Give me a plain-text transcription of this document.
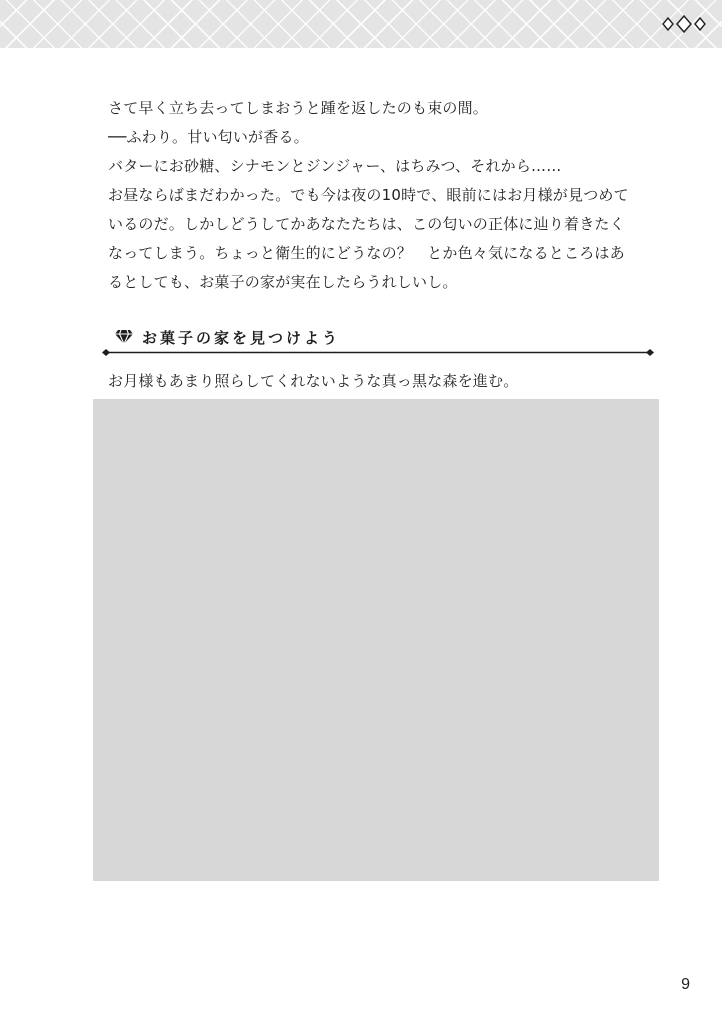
さて早く立ち去ってしまおうと踵を返したのも束の間。

──ふわり。甘い匂いが香る。

バターにお砂糖、シナモンとジンジャー、はちみつ、それから……

お昼ならばまだわかった。でも今は夜の10時で、眼前にはお月様が見つめて

いるのだ。しかしどうしてかあなたたちは、この匂いの正体に辿り着きたく

なってしまう。ちょっと衛生的にどうなの？　とか色々気になるところはあ

るとしても、お菓子の家が実在したらうれしいし。

お菓子の家を見つけよう
お月様もあまり照らしてくれないような真っ黒な森を進む。
9
